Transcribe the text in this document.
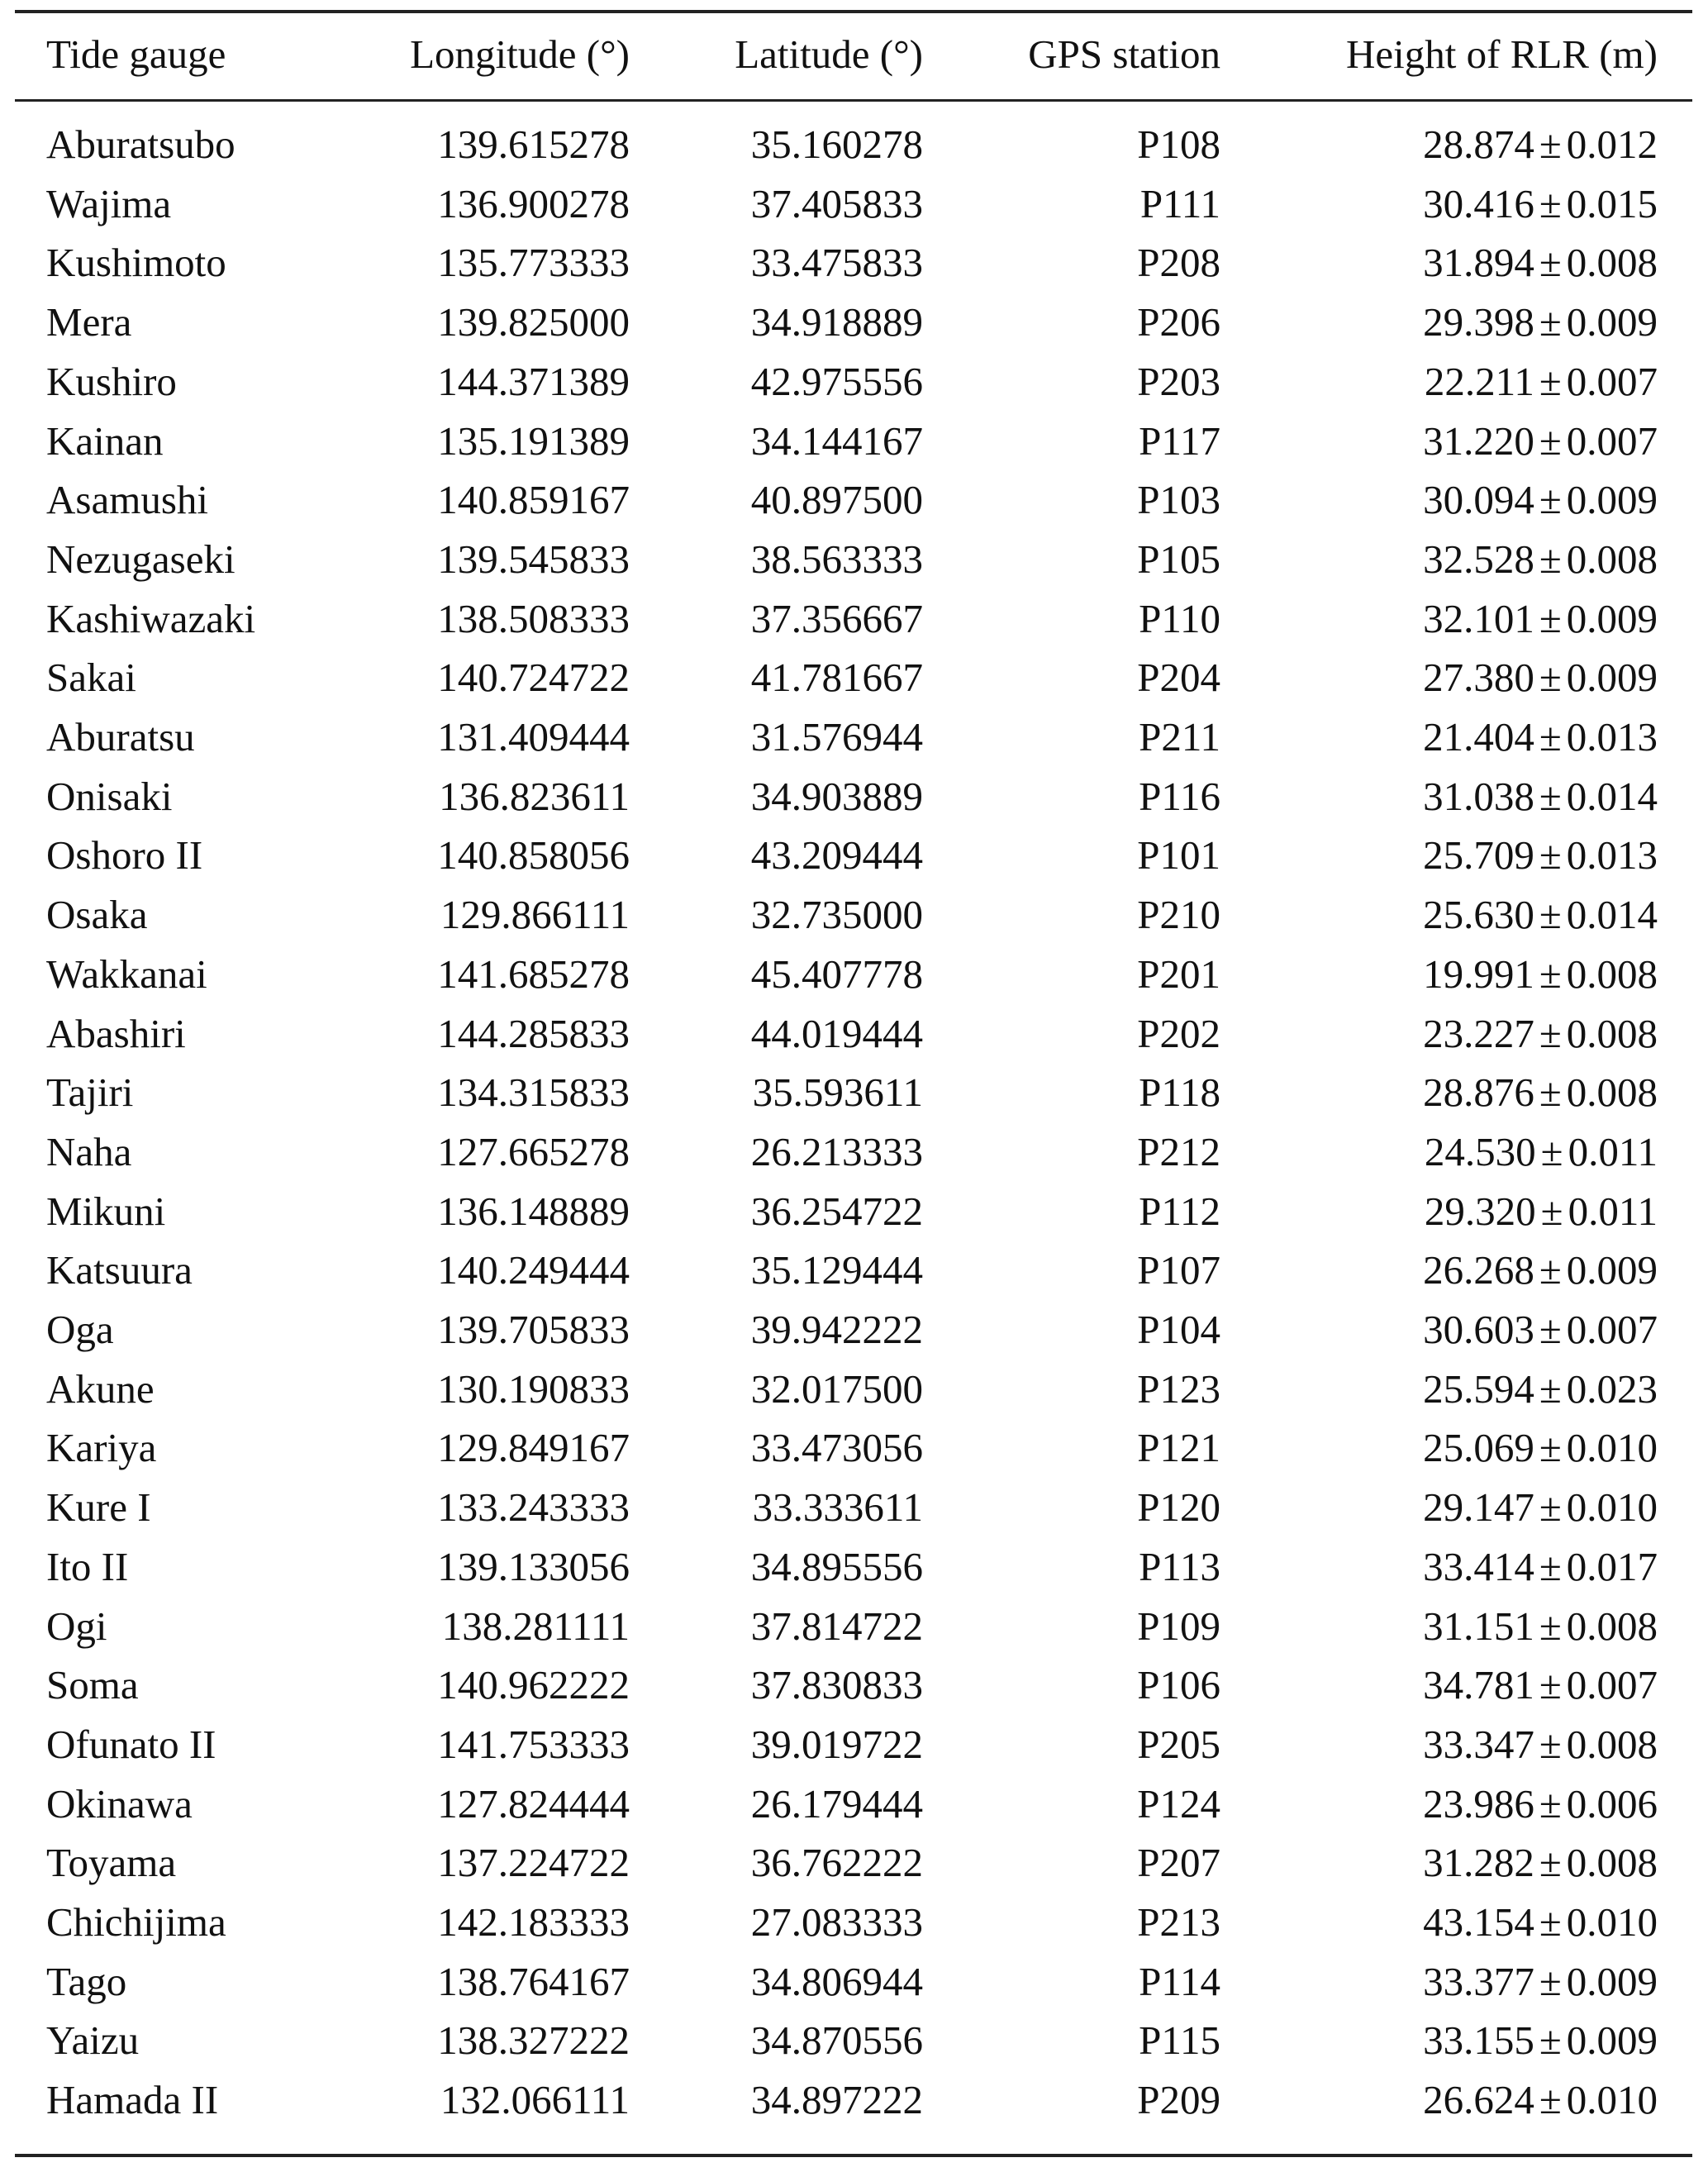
Tide gauge	Longitude (°)	Latitude (°)	GPS station	Height of RLR (m)
Aburatsubo	139.615278	35.160278	P108	28.874 ± 0.012
Wajima	136.900278	37.405833	P111	30.416 ± 0.015
Kushimoto	135.773333	33.475833	P208	31.894 ± 0.008
Mera	139.825000	34.918889	P206	29.398 ± 0.009
Kushiro	144.371389	42.975556	P203	22.211 ± 0.007
Kainan	135.191389	34.144167	P117	31.220 ± 0.007
Asamushi	140.859167	40.897500	P103	30.094 ± 0.009
Nezugaseki	139.545833	38.563333	P105	32.528 ± 0.008
Kashiwazaki	138.508333	37.356667	P110	32.101 ± 0.009
Sakai	140.724722	41.781667	P204	27.380 ± 0.009
Aburatsu	131.409444	31.576944	P211	21.404 ± 0.013
Onisaki	136.823611	34.903889	P116	31.038 ± 0.014
Oshoro II	140.858056	43.209444	P101	25.709 ± 0.013
Osaka	129.866111	32.735000	P210	25.630 ± 0.014
Wakkanai	141.685278	45.407778	P201	19.991 ± 0.008
Abashiri	144.285833	44.019444	P202	23.227 ± 0.008
Tajiri	134.315833	35.593611	P118	28.876 ± 0.008
Naha	127.665278	26.213333	P212	24.530 ± 0.011
Mikuni	136.148889	36.254722	P112	29.320 ± 0.011
Katsuura	140.249444	35.129444	P107	26.268 ± 0.009
Oga	139.705833	39.942222	P104	30.603 ± 0.007
Akune	130.190833	32.017500	P123	25.594 ± 0.023
Kariya	129.849167	33.473056	P121	25.069 ± 0.010
Kure I	133.243333	33.333611	P120	29.147 ± 0.010
Ito II	139.133056	34.895556	P113	33.414 ± 0.017
Ogi	138.281111	37.814722	P109	31.151 ± 0.008
Soma	140.962222	37.830833	P106	34.781 ± 0.007
Ofunato II	141.753333	39.019722	P205	33.347 ± 0.008
Okinawa	127.824444	26.179444	P124	23.986 ± 0.006
Toyama	137.224722	36.762222	P207	31.282 ± 0.008
Chichijima	142.183333	27.083333	P213	43.154 ± 0.010
Tago	138.764167	34.806944	P114	33.377 ± 0.009
Yaizu	138.327222	34.870556	P115	33.155 ± 0.009
Hamada II	132.066111	34.897222	P209	26.624 ± 0.010
